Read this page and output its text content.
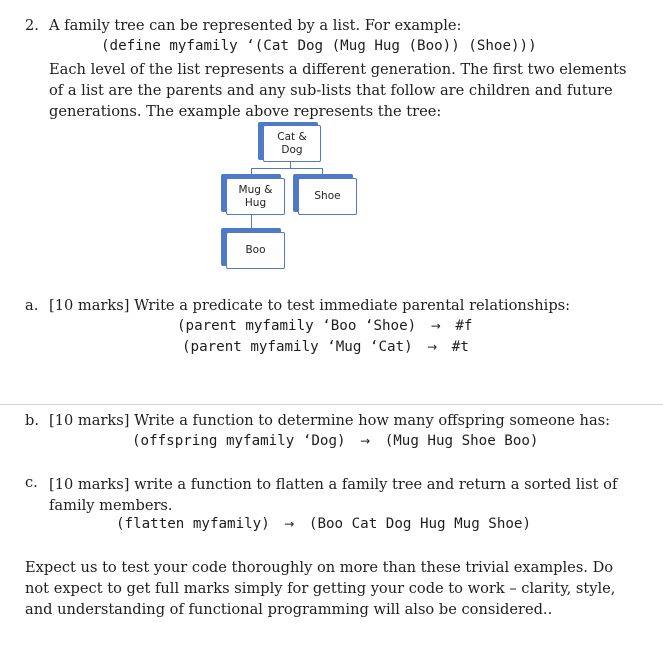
2. A family tree can be represented by a list. For example:
(define myfamily ‘(Cat Dog (Mug Hug (Boo)) (Shoe)))
Each level of the list represents a different generation. The first two elements of a list are the parents and any sub-lists that follow are children and future generations. The example above represents the tree:
Cat &
Dog
Mug &
Hug
Shoe
Boo
a. [10 marks] Write a predicate to test immediate parental relationships:
(parent myfamily ‘Boo ‘Shoe) → #f
(parent myfamily ‘Mug ‘Cat) → #t
b. [10 marks] Write a function to determine how many offspring someone has:
(offspring myfamily ‘Dog) → (Mug Hug Shoe Boo)
c. [10 marks] write a function to flatten a family tree and return a sorted list of family members.
(flatten myfamily) → (Boo Cat Dog Hug Mug Shoe)
Expect us to test your code thoroughly on more than these trivial examples. Do not expect to get full marks simply for getting your code to work – clarity, style, and understanding of functional programming will also be considered..
